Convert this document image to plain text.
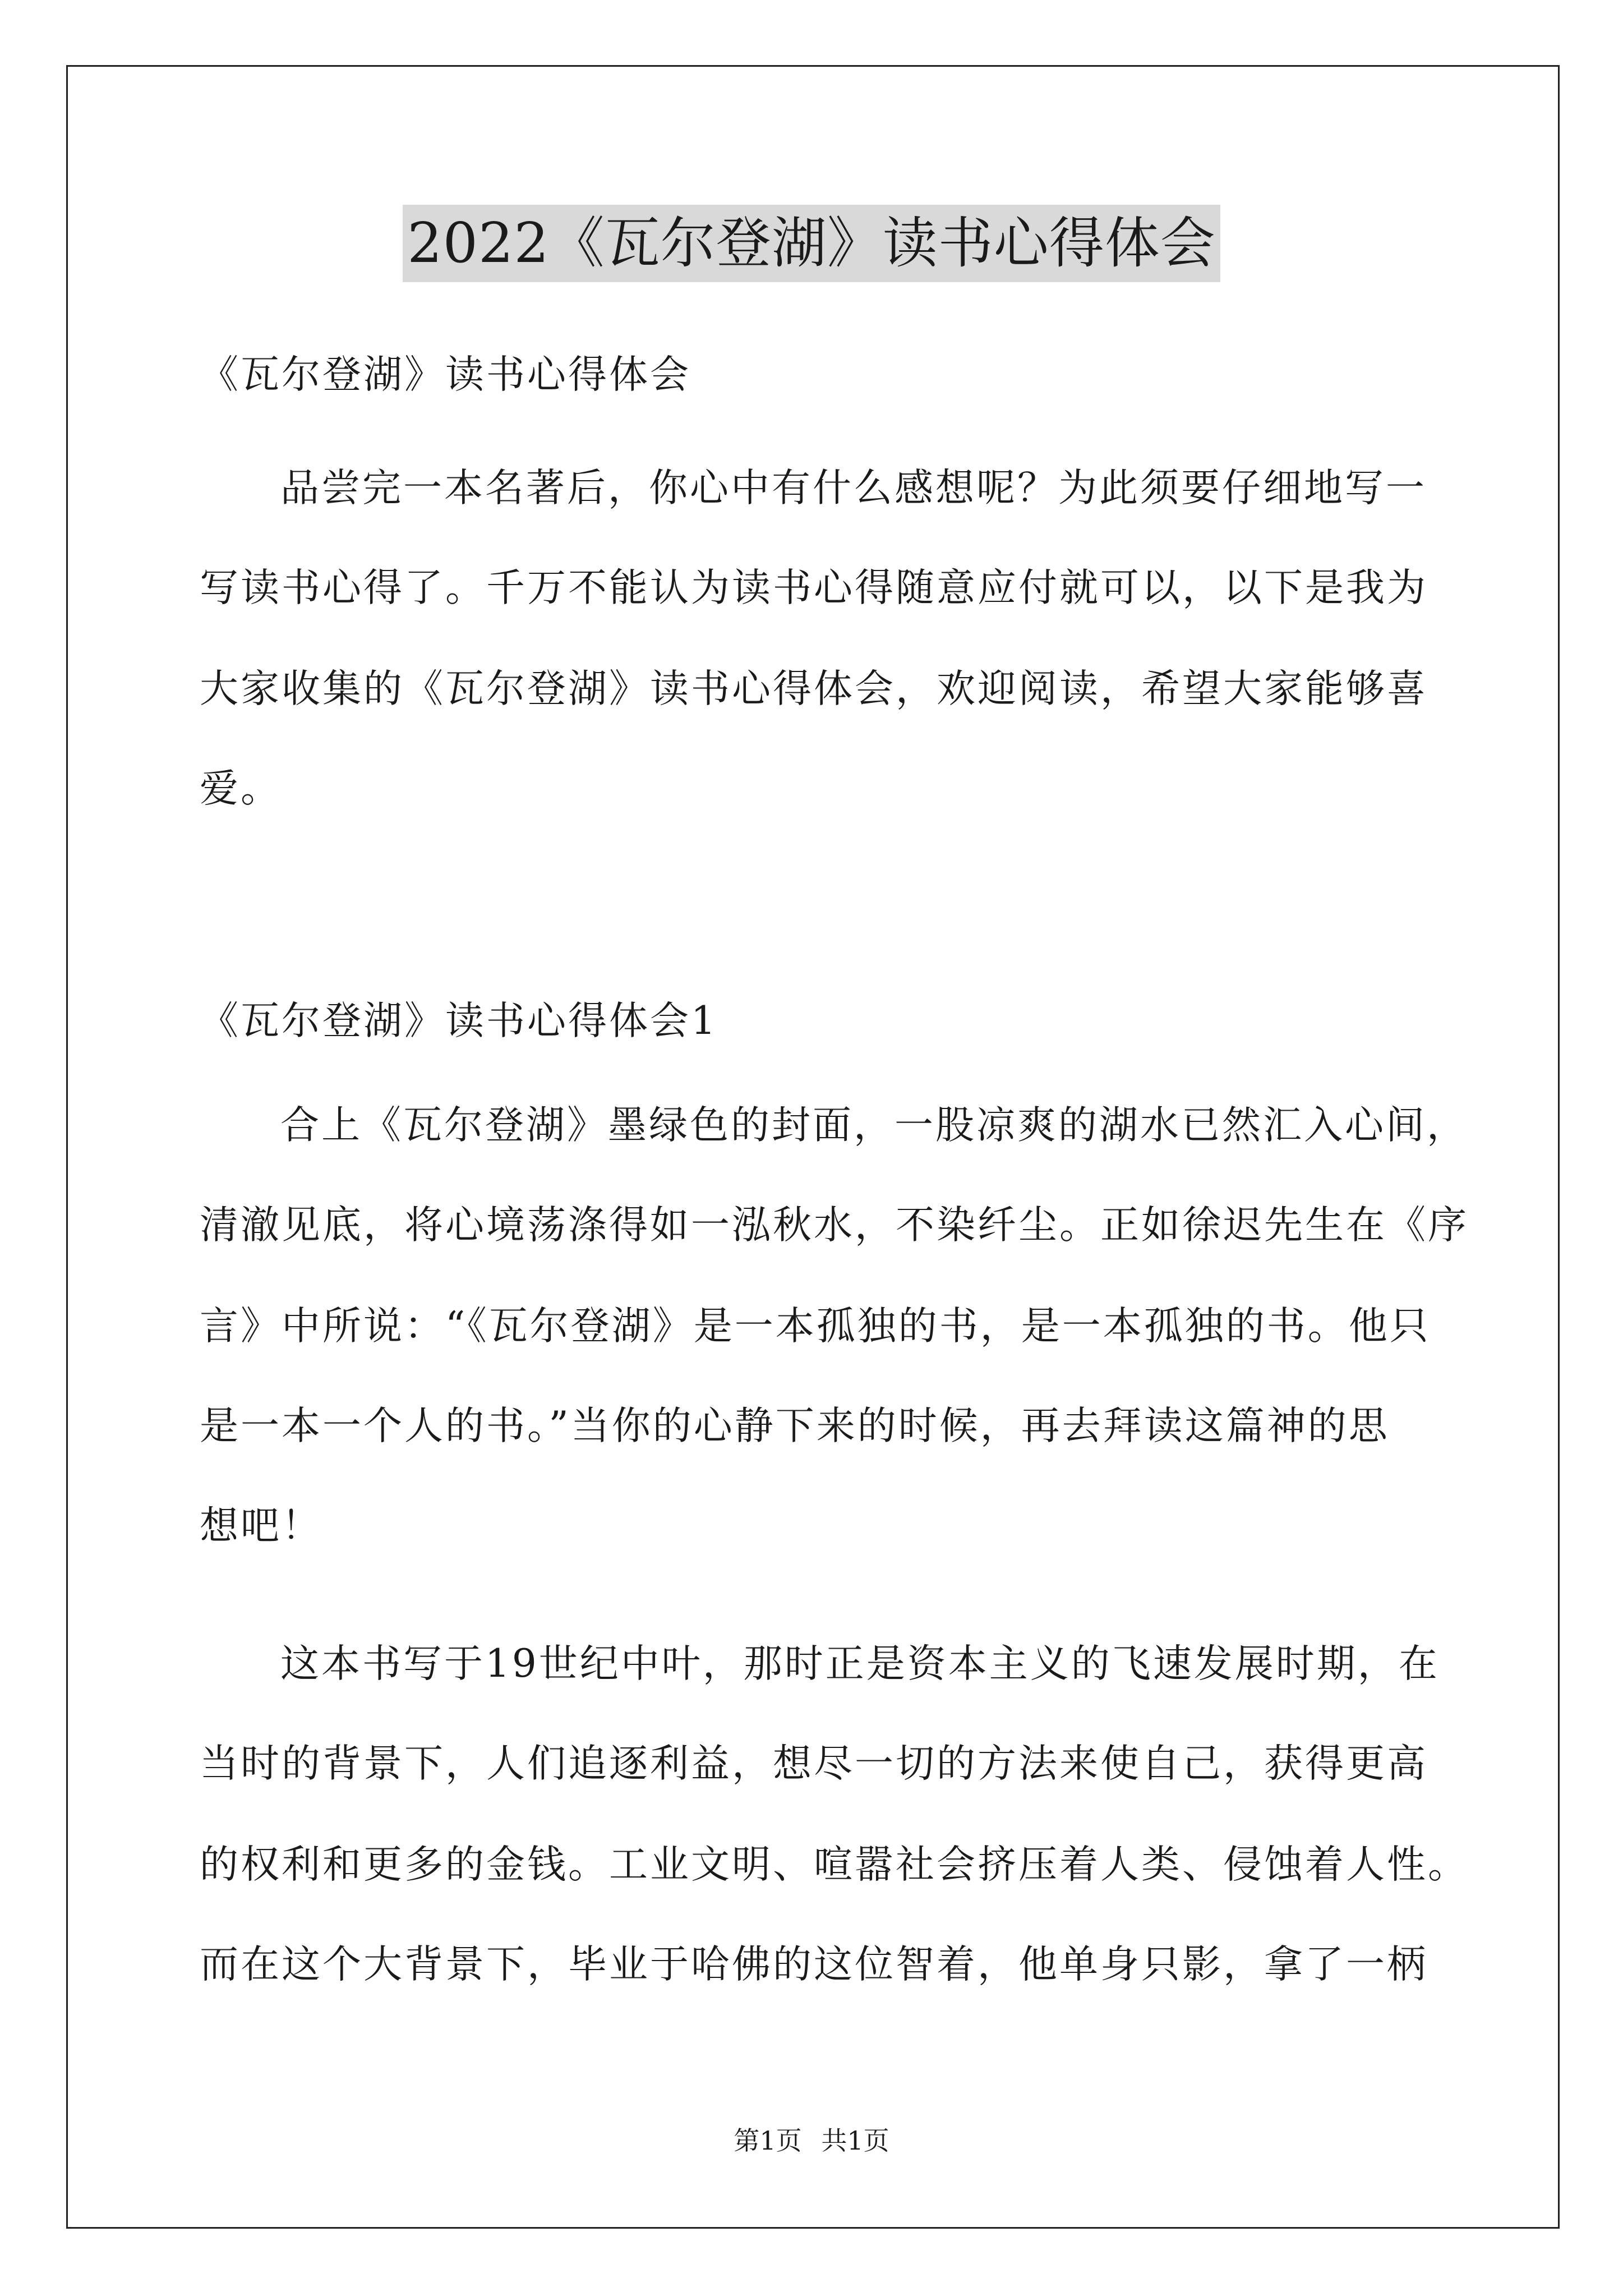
2022《瓦尔登湖》读书心得体会
《瓦尔登湖》读书心得体会
品尝完一本名著后，你心中有什么感想呢？为此须要仔细地写一
写读书心得了。千万不能认为读书心得随意应付就可以，以下是我为
大家收集的《瓦尔登湖》读书心得体会，欢迎阅读，希望大家能够喜
爱。
《瓦尔登湖》读书心得体会1
合上《瓦尔登湖》墨绿色的封面，一股凉爽的湖水已然汇入心间，
清澈见底，将心境荡涤得如一泓秋水，不染纤尘。正如徐迟先生在《序
言》中所说：“《瓦尔登湖》是一本孤独的书，是一本孤独的书。他只
是一本一个人的书。”当你的心静下来的时候，再去拜读这篇神的思
想吧！
这本书写于19世纪中叶，那时正是资本主义的飞速发展时期，在
当时的背景下，人们追逐利益，想尽一切的方法来使自己，获得更高
的权利和更多的金钱。工业文明、喧嚣社会挤压着人类、侵蚀着人性。
而在这个大背景下，毕业于哈佛的这位智着，他单身只影，拿了一柄
第1页 共1页
